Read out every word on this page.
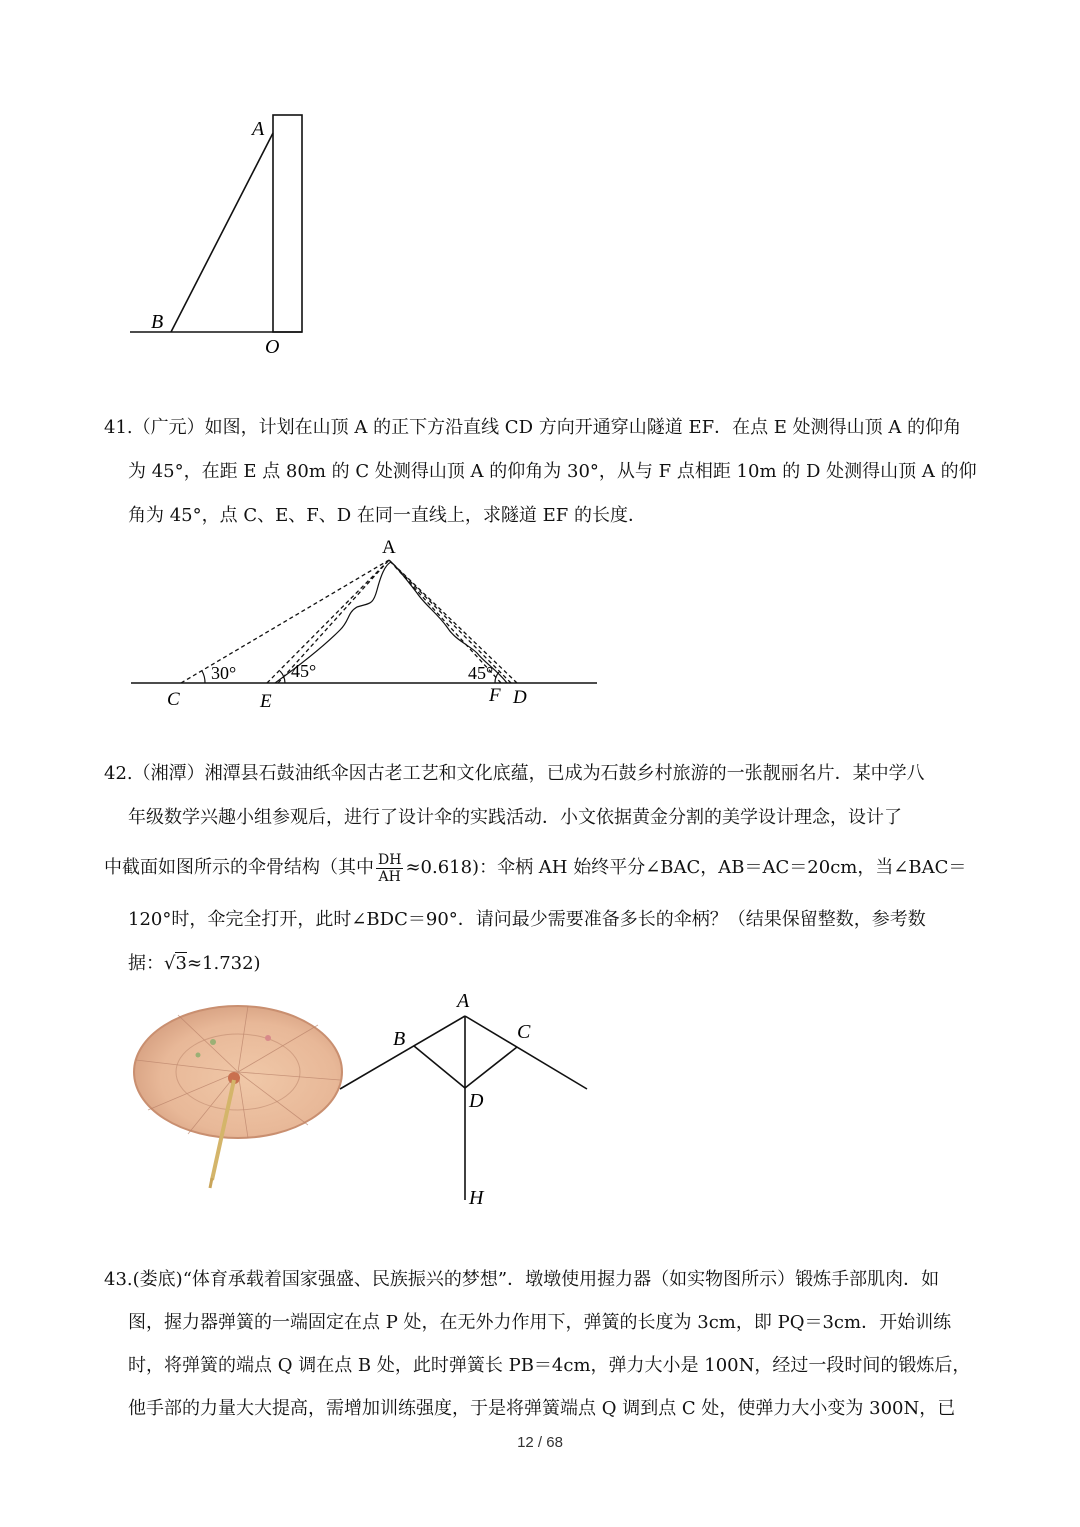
A
B
O
41.（广元）如图，计划在山顶 A 的正下方沿直线 CD 方向开通穿山隧道 EF．在点 E 处测得山顶 A 的仰角
为 45°，在距 E 点 80m 的 C 处测得山顶 A 的仰角为 30°，从与 F 点相距 10m 的 D 处测得山顶 A 的仰
角为 45°，点 C、E、F、D 在同一直线上，求隧道 EF 的长度．
A
C	E	F D
30°	45°	45°
42.（湘潭）湘潭县石鼓油纸伞因古老工艺和文化底蕴，已成为石鼓乡村旅游的一张靓丽名片．某中学八
年级数学兴趣小组参观后，进行了设计伞的实践活动．小文依据黄金分割的美学设计理念，设计了
中截面如图所示的伞骨结构（其中 $\frac{DH}{AH} \approx 0.618$)：伞柄 AH 始终平分∠BAC，AB＝AC＝20cm，当∠BAC＝
120°时，伞完全打开，此时∠BDC＝90°．请问最少需要准备多长的伞柄？（结果保留整数，参考数
据：√3≈1.732)
A
B	C
D
H
43.(娄底)“体育承载着国家强盛、民族振兴的梦想”．墩墩使用握力器（如实物图所示）锻炼手部肌肉．如
图，握力器弹簧的一端固定在点 P 处，在无外力作用下，弹簧的长度为 3cm，即 PQ＝3cm．开始训练
时，将弹簧的端点 Q 调在点 B 处，此时弹簧长 PB＝4cm，弹力大小是 100N，经过一段时间的锻炼后，
他手部的力量大大提高，需增加训练强度，于是将弹簧端点 Q 调到点 C 处，使弹力大小变为 300N，已
12 / 68
